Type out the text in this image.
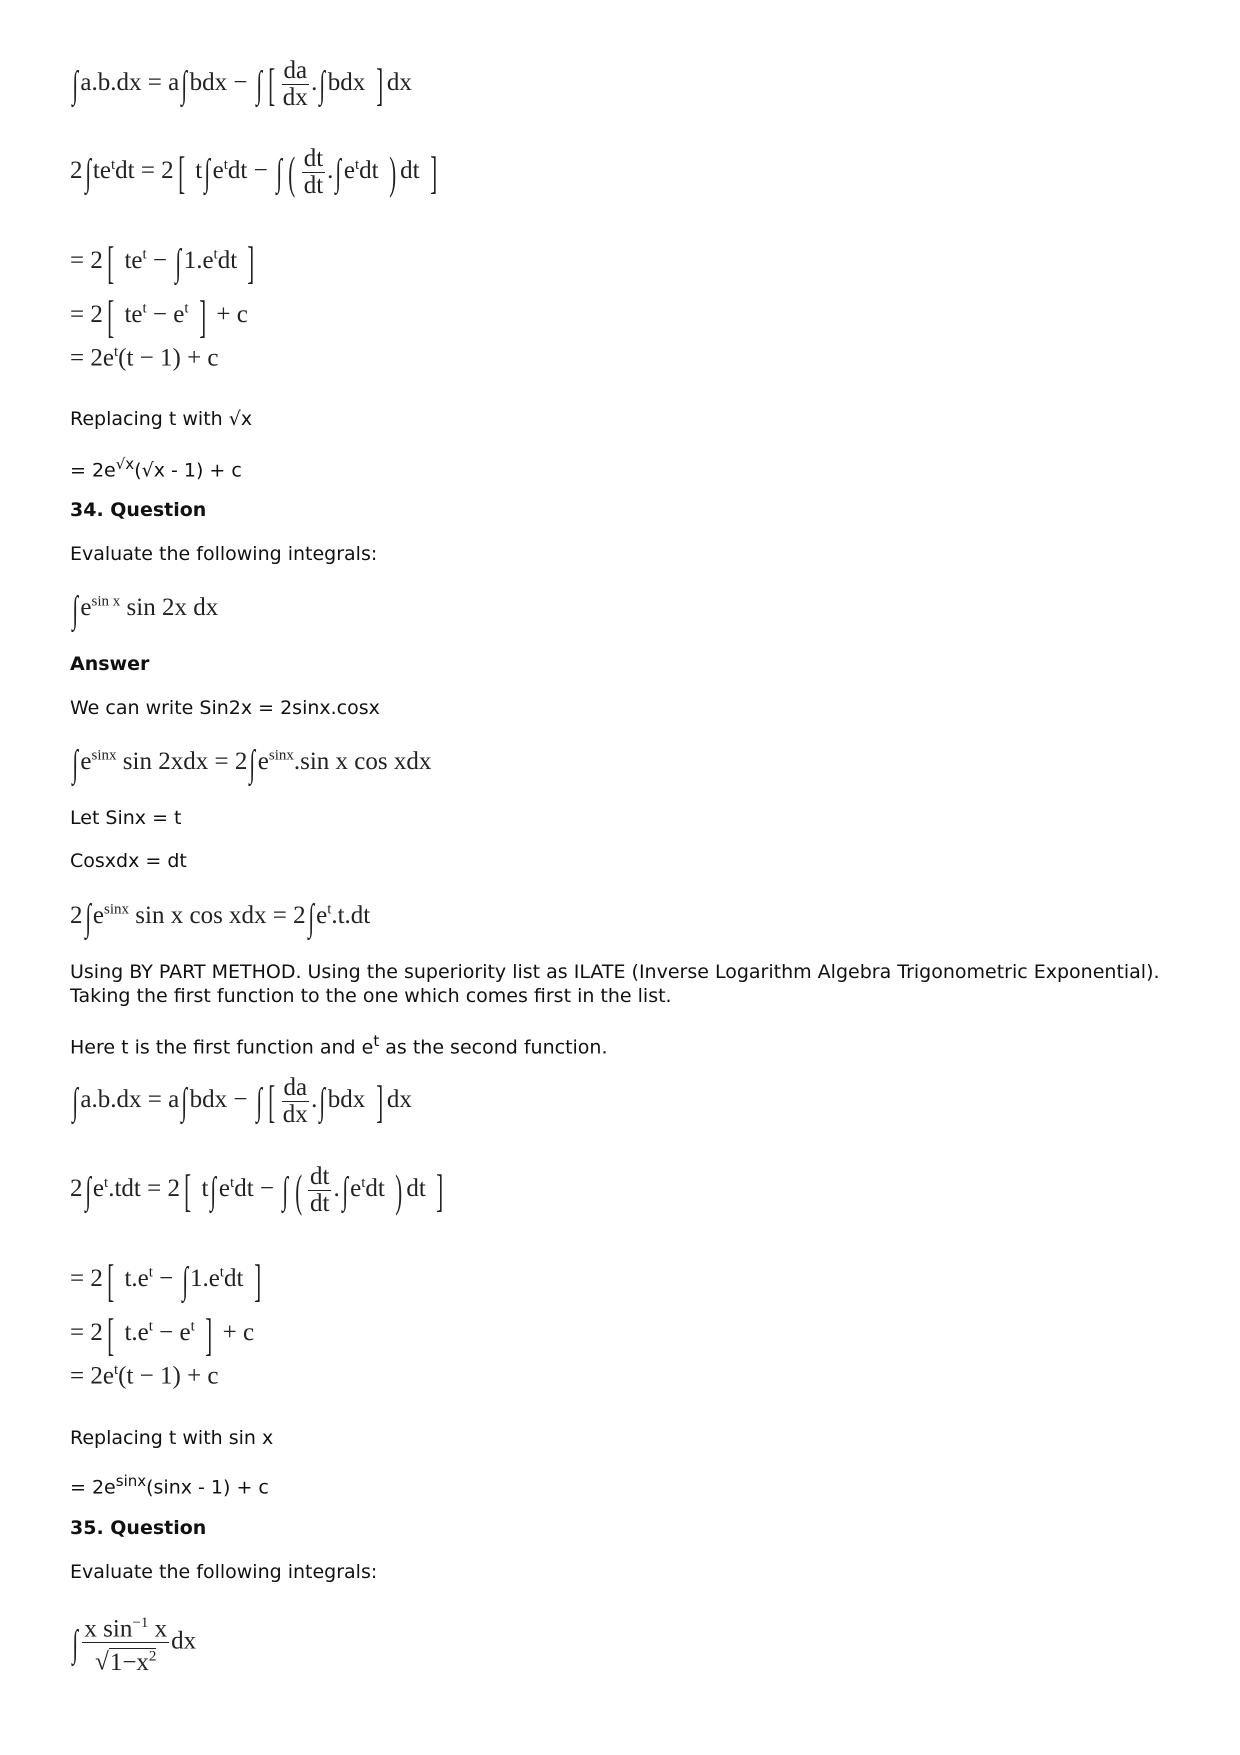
∫a.b.dx = a∫bdx − ∫ [ $\frac{da}{dx} .\int bdx$ ] dx
$2\int te^tdt = 2$[ $t\int e^tdt$ − ∫ ( $\frac{dt}{dt} .\int e^tdt$ ) dt ]
= 2[ $te^t - \int 1.e^tdt$ ]
= 2[ $te^t - e^t$ ] + c
= $2e^t(t - 1) + c$
Replacing t with √x
= $2e^{√x}(√x - 1) + c$
34. Question
Evaluate the following integrals:
$\int e^{sin x}$ sin 2x dx
Answer
We can write Sin2x = 2sinx.cosx
$\int e^{sinx}$ $\sin 2xdx = 2\int e^{sinx}.\sin$ x cos xdx
Let Sinx = t
Cosxdx = dt
$2\int e^{sinx}$ sin x cos xdx = $2\int e^t.t.dt$
Using BY PART METHOD. Using the superiority list as ILATE (Inverse Logarithm Algebra Trigonometric Exponential). Taking the first function to the one which comes first in the list.
Here t is the first function and $e^t$ as the second function.
∫a.b.dx = a∫bdx − ∫ [ $\frac{da}{dx} .\int bdx$ ] dx
$2\int e^t.tdt = 2$[ $t\int e^tdt$ − ∫ ( $\frac{dt}{dt} .\int e^tdt$ ) dt ]
= 2[ $t.e^t - \int 1.e^tdt$ ]
= 2[ $t.e^t - e^t$ ] + c
= $2e^t(t - 1) + c$
Replacing t with sin x
= $2e^{sinx}(\sin x - 1) + c$
35. Question
Evaluate the following integrals:
∫ $\frac{x \sin^{-1} x}{√1-x^2}$ dx
